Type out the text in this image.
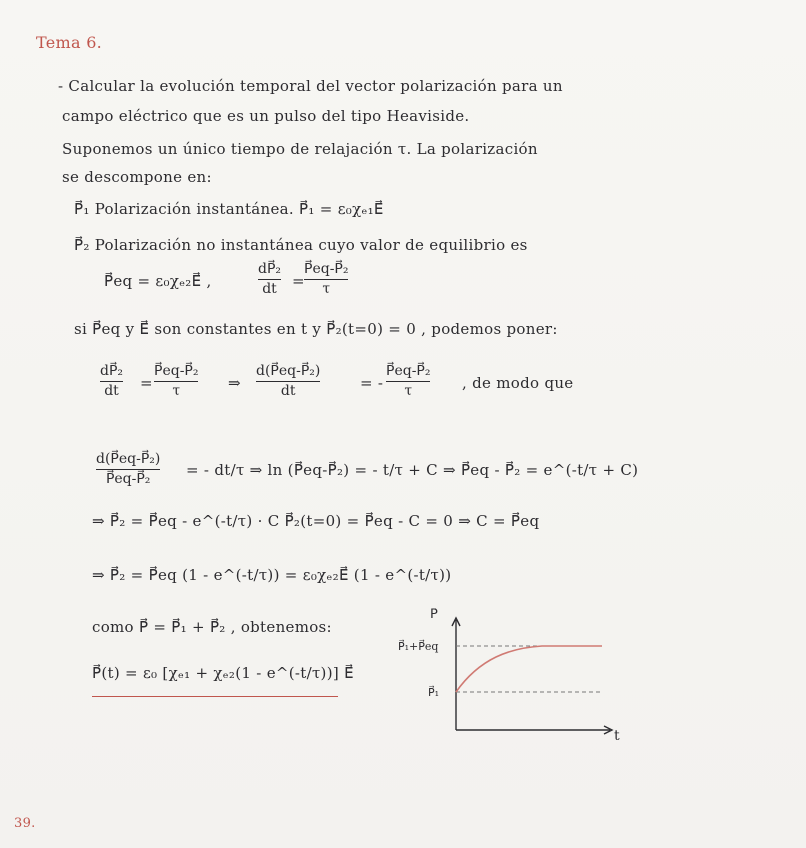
Tema 6.
- Calcular la evolución temporal del vector polarización para un
campo eléctrico que es un pulso del tipo Heaviside.
Suponemos un único tiempo de relajación τ. La polarización
se descompone en:
P⃗₁ Polarización instantánea. P⃗₁ = ε₀χₑ₁E⃗
P⃗₂ Polarización no instantánea cuyo valor de equilibrio es
P⃗eq = ε₀χₑ₂E⃗ ,
dP⃗₂
dt =
P⃗eq-P⃗₂
τ
si P⃗eq y E⃗ son constantes en t y P⃗₂(t=0) = 0 , podemos poner:
dP⃗₂
dt =
P⃗eq-P⃗₂
τ	⇒
d(P⃗eq-P⃗₂)
dt	= -
P⃗eq-P⃗₂
τ	, de modo que
d(P⃗eq-P⃗₂)
P⃗eq-P⃗₂ = - dt/τ ⇒ ln (P⃗eq-P⃗₂) = - t/τ + C ⇒ P⃗eq - P⃗₂ = e^(-t/τ + C)
⇒ P⃗₂ = P⃗eq - e^(-t/τ) · C P⃗₂(t=0) = P⃗eq - C = 0 ⇒ C = P⃗eq
⇒ P⃗₂ = P⃗eq (1 - e^(-t/τ)) = ε₀χₑ₂E⃗ (1 - e^(-t/τ))
como P⃗ = P⃗₁ + P⃗₂ , obtenemos:
P⃗(t) = ε₀ [χₑ₁ + χₑ₂(1 - e^(-t/τ))] E⃗
P⃗
t
P⃗₁+P⃗eq
P⃗₁
39.
